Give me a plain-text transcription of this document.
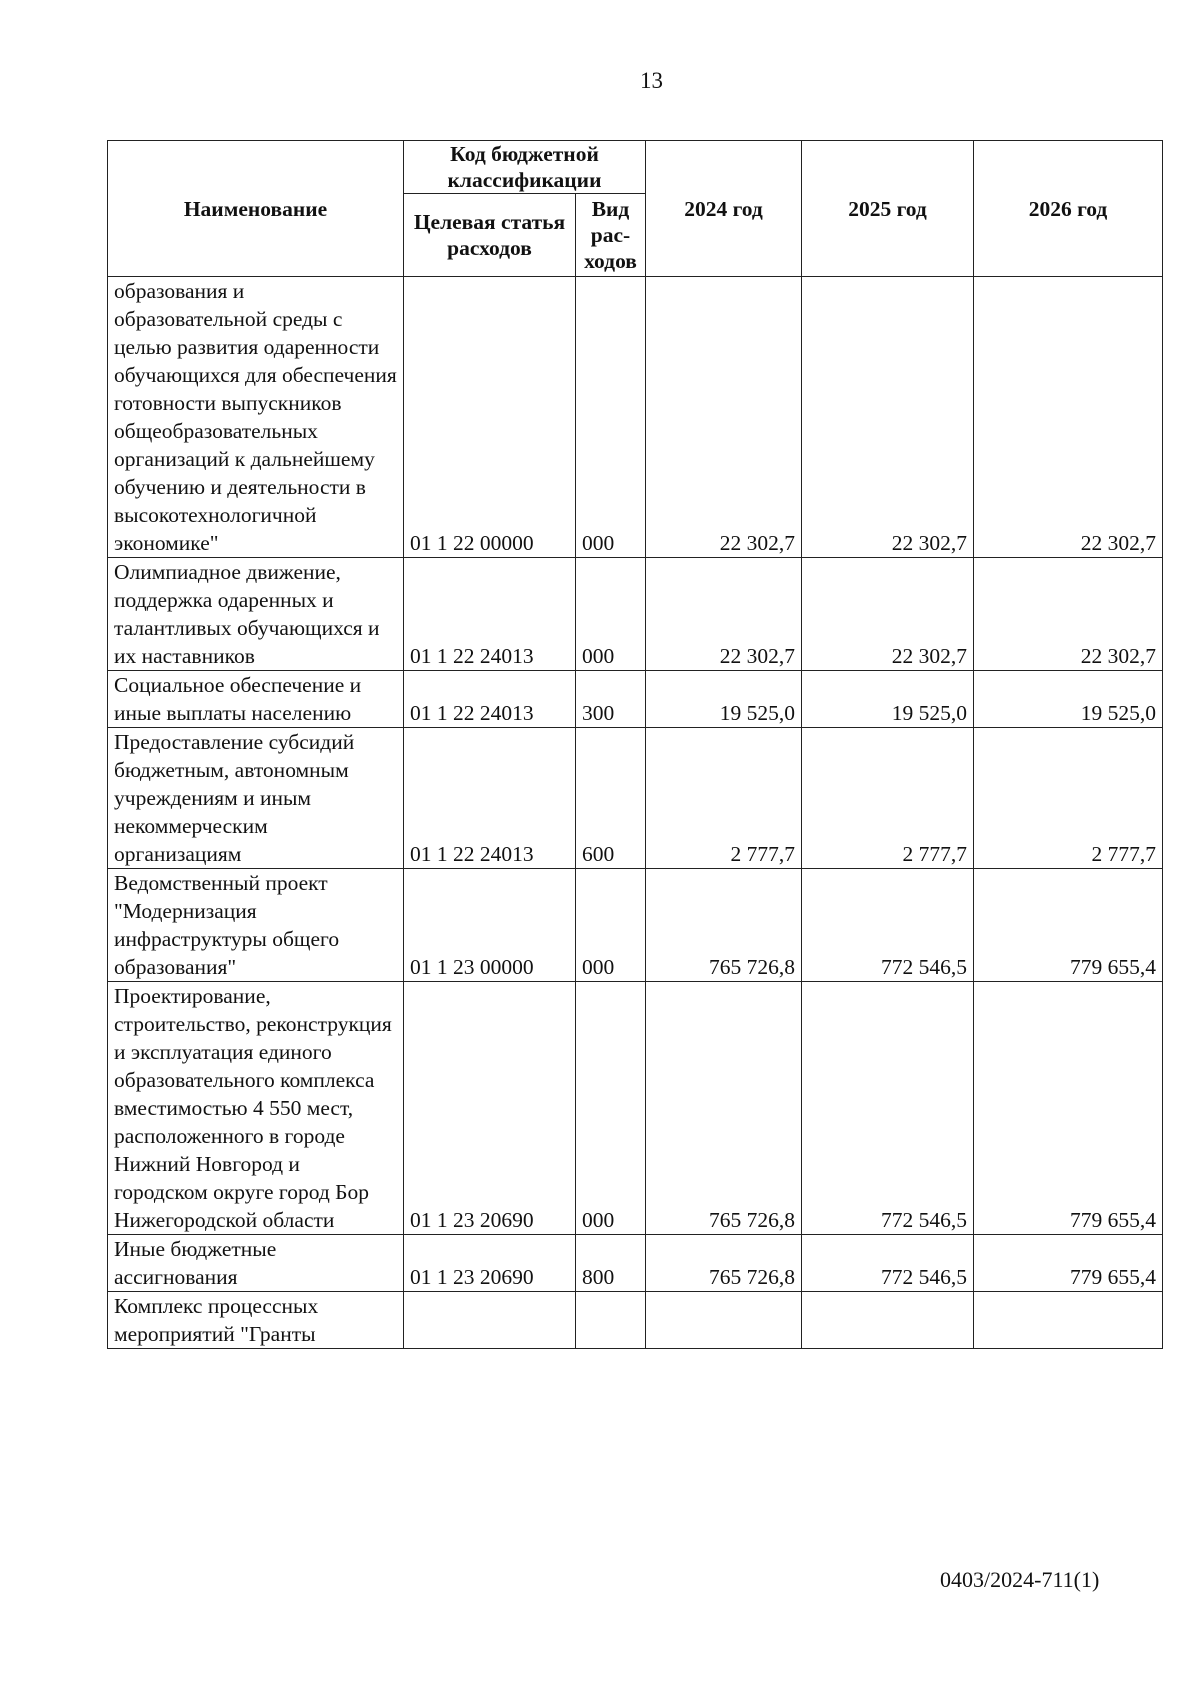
13
Наименование	Код бюджетной классификации		2024 год	2025 год	2026 год
	Целевая статья расходов	Вид рас- ходов			
образования и образовательной среды с целью развития одаренности обучающихся для обеспечения готовности выпускников общеобразовательных организаций к дальнейшему обучению и деятельности в высокотехнологичной экономике"	01 1 22 00000	000	22 302,7	22 302,7	22 302,7
Олимпиадное движение, поддержка одаренных и талантливых обучающихся и их наставников	01 1 22 24013	000	22 302,7	22 302,7	22 302,7
Социальное обеспечение и иные выплаты населению	01 1 22 24013	300	19 525,0	19 525,0	19 525,0
Предоставление субсидий бюджетным, автономным учреждениям и иным некоммерческим организациям	01 1 22 24013	600	2 777,7	2 777,7	2 777,7
Ведомственный проект "Модернизация инфраструктуры общего образования"	01 1 23 00000	000	765 726,8	772 546,5	779 655,4
Проектирование, строительство, реконструкция и эксплуатация единого образовательного комплекса вместимостью 4 550 мест, расположенного в городе Нижний Новгород и городском округе город Бор Нижегородской области	01 1 23 20690	000	765 726,8	772 546,5	779 655,4
Иные бюджетные ассигнования	01 1 23 20690	800	765 726,8	772 546,5	779 655,4
Комплекс процессных мероприятий "Гранты					
0403/2024-711(1)
